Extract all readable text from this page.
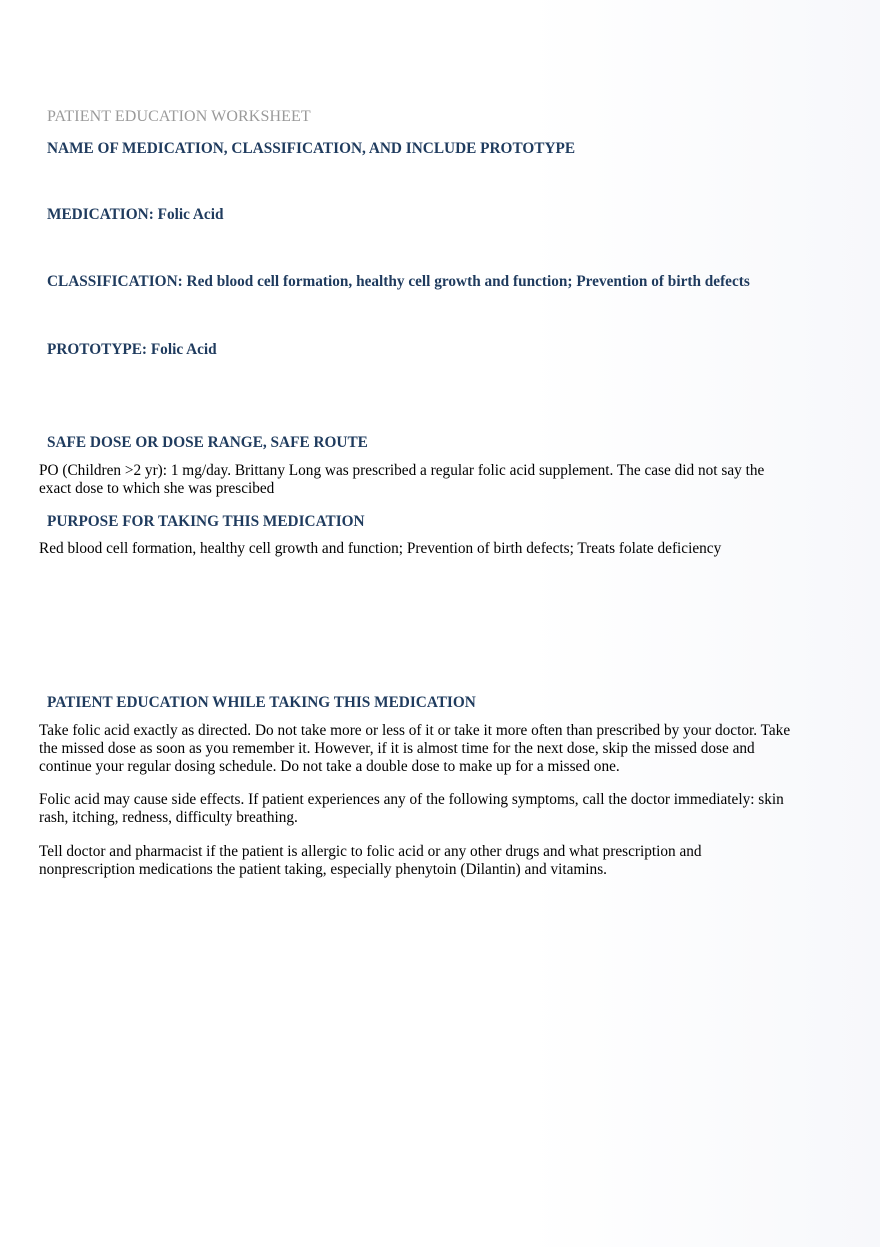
PATIENT EDUCATION WORKSHEET
NAME OF MEDICATION, CLASSIFICATION, AND INCLUDE PROTOTYPE
MEDICATION: Folic Acid
CLASSIFICATION: Red blood cell formation, healthy cell growth and function; Prevention of birth defects
PROTOTYPE: Folic Acid
SAFE DOSE OR DOSE RANGE, SAFE ROUTE
PO (Children >2 yr): 1 mg/day. Brittany Long was prescribed a regular folic acid supplement. The case did not say the exact dose to which she was prescibed
PURPOSE FOR TAKING THIS MEDICATION
Red blood cell formation, healthy cell growth and function; Prevention of birth defects; Treats folate deficiency
PATIENT EDUCATION WHILE TAKING THIS MEDICATION
Take folic acid exactly as directed. Do not take more or less of it or take it more often than prescribed by your doctor. Take the missed dose as soon as you remember it. However, if it is almost time for the next dose, skip the missed dose and continue your regular dosing schedule. Do not take a double dose to make up for a missed one.
Folic acid may cause side effects. If patient experiences any of the following symptoms, call the doctor immediately: skin rash, itching, redness, difficulty breathing.
Tell doctor and pharmacist if the patient is allergic to folic acid or any other drugs and what prescription and nonprescription medications the patient taking, especially phenytoin (Dilantin) and vitamins.
